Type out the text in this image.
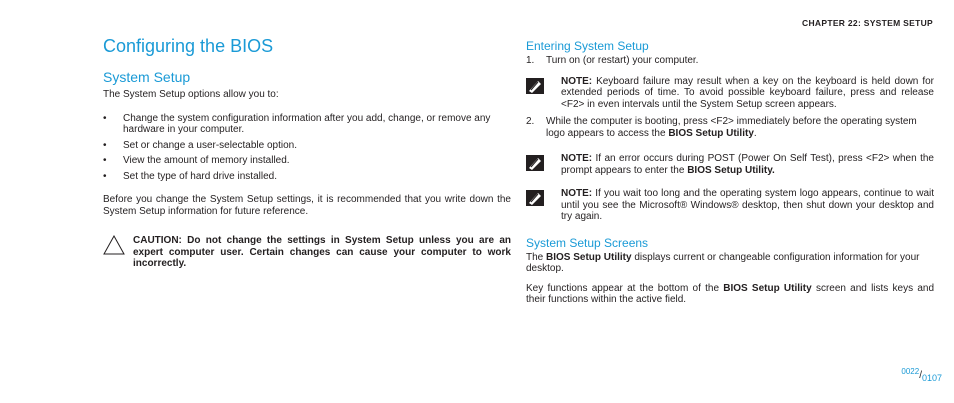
CHAPTER 22: SYSTEM SETUP
Configuring the BIOS
System Setup

The System Setup options allow you to:

• Change the system configuration information after you add, change, or remove any hardware in your computer.
• Set or change a user-selectable option.
• View the amount of memory installed.
• Set the type of hard drive installed.

Before you change the System Setup settings, it is recommended that you write down the System Setup information for future reference.

CAUTION: Do not change the settings in System Setup unless you are an expert computer user. Certain changes can cause your computer to work incorrectly.
Entering System Setup
1. Turn on (or restart) your computer.
NOTE: Keyboard failure may result when a key on the keyboard is held down for extended periods of time. To avoid possible keyboard failure, press and release <F2> in even intervals until the System Setup screen appears.
2. While the computer is booting, press <F2> immediately before the operating system logo appears to access the BIOS Setup Utility.
NOTE: If an error occurs during POST (Power On Self Test), press <F2> when the prompt appears to enter the BIOS Setup Utility.
NOTE: If you wait too long and the operating system logo appears, continue to wait until you see the Microsoft® Windows® desktop, then shut down your desktop and try again.
System Setup Screens

The BIOS Setup Utility displays current or changeable configuration information for your desktop.

Key functions appear at the bottom of the BIOS Setup Utility screen and lists keys and their functions within the active field.

0022/0107
